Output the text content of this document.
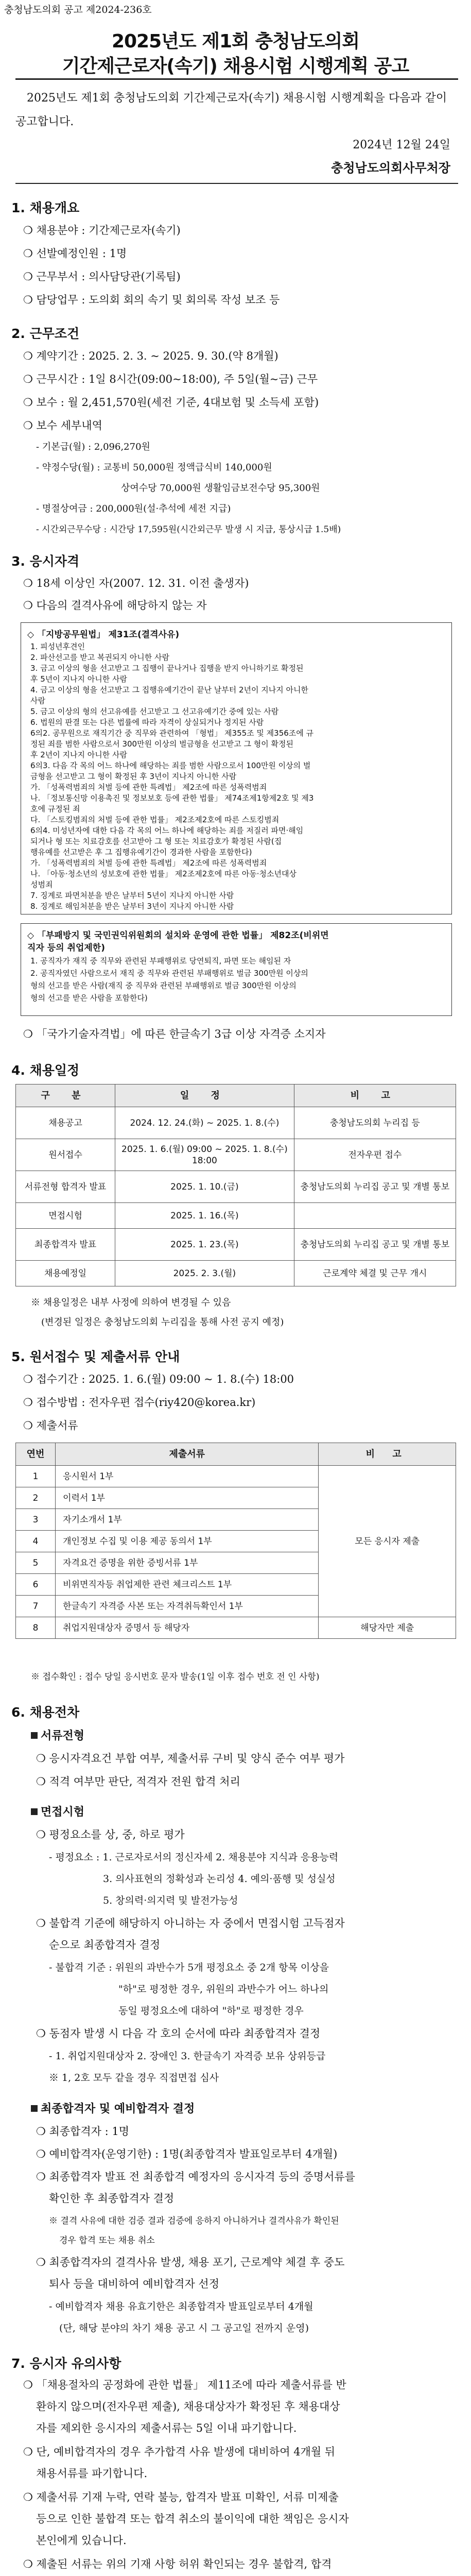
충청남도의회 공고 제2024-236호
2025년도 제1회 충청남도의회
기간제근로자(속기) 채용시험 시행계획 공고
2025년도 제1회 충청남도의회 기간제근로자(속기) 채용시험 시행계획을 다음과 같이 공고합니다.
2024년 12월 24일
충청남도의회사무처장
1. 채용개요
❍ 채용분야 : 기간제근로자(속기)
❍ 선발예정인원 : 1명
❍ 근무부서 : 의사담당관(기록팀)
❍ 담당업무 : 도의회 회의 속기 및 회의록 작성 보조 등
2. 근무조건
❍ 계약기간 : 2025. 2. 3. ~ 2025. 9. 30.(약 8개월)
❍ 근무시간 : 1일 8시간(09:00~18:00), 주 5일(월~금) 근무
❍ 보수 : 월 2,451,570원(세전 기준, 4대보험 및 소득세 포함)
❍ 보수 세부내역
- 기본급(월) : 2,096,270원
- 약정수당(월) : 교통비 50,000원 정액급식비 140,000원
상여수당 70,000원 생활임금보전수당 95,300원
- 명절상여금 : 200,000원(설·추석에 세전 지급)
- 시간외근무수당 : 시간당 17,595원(시간외근무 발생 시 지급, 통상시급 1.5배)
3. 응시자격
❍ 18세 이상인 자(2007. 12. 31. 이전 출생자)
❍ 다음의 결격사유에 해당하지 않는 자
◇ 「지방공무원법」 제31조(결격사유)
1. 피성년후견인
2. 파산선고를 받고 복권되지 아니한 사람
3. 금고 이상의 형을 선고받고 그 집행이 끝나거나 집행을 받지 아니하기로 확정된
후 5년이 지나지 아니한 사람
4. 금고 이상의 형을 선고받고 그 집행유예기간이 끝난 날부터 2년이 지나지 아니한
사람
5. 금고 이상의 형의 선고유예를 선고받고 그 선고유예기간 중에 있는 사람
6. 법원의 판결 또는 다른 법률에 따라 자격이 상실되거나 정지된 사람
6의2. 공무원으로 재직기간 중 직무와 관련하여 「형법」 제355조 및 제356조에 규
정된 죄를 범한 사람으로서 300만원 이상의 벌금형을 선고받고 그 형이 확정된
후 2년이 지나지 아니한 사람
6의3. 다음 각 목의 어느 하나에 해당하는 죄를 범한 사람으로서 100만원 이상의 벌
금형을 선고받고 그 형이 확정된 후 3년이 지나지 아니한 사람
가. 「성폭력범죄의 처벌 등에 관한 특례법」 제2조에 따른 성폭력범죄
나. 「정보통신망 이용촉진 및 정보보호 등에 관한 법률」 제74조제1항제2호 및 제3
호에 규정된 죄
다. 「스토킹범죄의 처벌 등에 관한 법률」 제2조제2호에 따른 스토킹범죄
6의4. 미성년자에 대한 다음 각 목의 어느 하나에 해당하는 죄를 저질러 파면·해임
되거나 형 또는 치료감호를 선고받아 그 형 또는 치료감호가 확정된 사람(집
행유예를 선고받은 후 그 집행유예기간이 경과한 사람을 포함한다)
가. 「성폭력범죄의 처벌 등에 관한 특례법」 제2조에 따른 성폭력범죄
나. 「아동·청소년의 성보호에 관한 법률」 제2조제2호에 따른 아동·청소년대상
성범죄
7. 징계로 파면처분을 받은 날부터 5년이 지나지 아니한 사람
8. 징계로 해임처분을 받은 날부터 3년이 지나지 아니한 사람
◇ 「부패방지 및 국민권익위원회의 설치와 운영에 관한 법률」 제82조(비위면
직자 등의 취업제한)
1. 공직자가 재직 중 직무와 관련된 부패행위로 당연퇴직, 파면 또는 해임된 자
2. 공직자였던 사람으로서 재직 중 직무와 관련된 부패행위로 벌금 300만원 이상의
형의 선고를 받은 사람(재직 중 직무와 관련된 부패행위로 벌금 300만원 이상의
형의 선고를 받은 사람을 포함한다)
❍ 「국가기술자격법」에 따른 한글속기 3급 이상 자격증 소지자
4. 채용일정
구 분	일 정	비 고
채용공고	2024. 12. 24.(화) ~ 2025. 1. 8.(수)	충청남도의회 누리집 등
원서접수	2025. 1. 6.(월) 09:00 ~ 2025. 1. 8.(수) 18:00	전자우편 접수
서류전형 합격자 발표	2025. 1. 10.(금)	충청남도의회 누리집 공고 및 개별 통보
면접시험	2025. 1. 16.(목)	
최종합격자 발표	2025. 1. 23.(목)	충청남도의회 누리집 공고 및 개별 통보
채용예정일	2025. 2. 3.(월)	근로계약 체결 및 근무 개시
※ 채용일정은 내부 사정에 의하여 변경될 수 있음
(변경된 일정은 충청남도의회 누리집을 통해 사전 공지 예정)
5. 원서접수 및 제출서류 안내
❍ 접수기간 : 2025. 1. 6.(월) 09:00 ~ 1. 8.(수) 18:00
❍ 접수방법 : 전자우편 접수(riy420@korea.kr)
❍ 제출서류
연번	제출서류	비 고
1	응시원서 1부	모든 응시자 제출
2	이력서 1부	
3	자기소개서 1부	
4	개인정보 수집 및 이용 제공 동의서 1부	
5	자격요건 증명을 위한 증빙서류 1부	
6	비위면직자등 취업제한 관련 체크리스트 1부	
7	한글속기 자격증 사본 또는 자격취득확인서 1부	
8	취업지원대상자 증명서 등 해당자	해당자만 제출
※ 접수확인 : 접수 당일 응시번호 문자 발송(1일 이후 접수 번호 전 인 사항)
6. 채용전차
서류전형
❍ 응시자격요건 부합 여부, 제출서류 구비 및 양식 준수 여부 평가
❍ 적격 여부만 판단, 적격자 전원 합격 처리
면접시험
❍ 평정요소를 상, 중, 하로 평가
- 평정요소 : 1. 근로자로서의 정신자세 2. 채용분야 지식과 응용능력
3. 의사표현의 정확성과 논리성 4. 예의·품행 및 성실성
5. 창의력·의지력 및 발전가능성
❍ 불합격 기준에 해당하지 아니하는 자 중에서 면접시험 고득점자
순으로 최종합격자 결정
- 불합격 기준 : 위원의 과반수가 5개 평정요소 중 2개 항목 이상을
"하"로 평정한 경우, 위원의 과반수가 어느 하나의
동일 평정요소에 대하여 "하"로 평정한 경우
❍ 동점자 발생 시 다음 각 호의 순서에 따라 최종합격자 결정
- 1. 취업지원대상자 2. 장애인 3. 한글속기 자격증 보유 상위등급
※ 1, 2호 모두 같을 경우 직접면접 심사
최종합격자 및 예비합격자 결정
❍ 최종합격자 : 1명
❍ 예비합격자(운영기한) : 1명(최종합격자 발표일로부터 4개월)
❍ 최종합격자 발표 전 최종합격 예정자의 응시자격 등의 증명서류를
확인한 후 최종합격자 결정
※ 결격 사유에 대한 검증 결과 검증에 응하지 아니하거나 결격사유가 확인된
경우 합격 또는 채용 취소
❍ 최종합격자의 결격사유 발생, 채용 포기, 근로계약 체결 후 중도
퇴사 등을 대비하여 예비합격자 선정
- 예비합격자 채용 유효기한은 최종합격자 발표일로부터 4개월
(단, 해당 분야의 차기 채용 공고 시 그 공고일 전까지 운영)
7. 응시자 유의사항
❍ 「채용절차의 공정화에 관한 법률」 제11조에 따라 제출서류를 반
환하지 않으며(전자우편 제출), 채용대상자가 확정된 후 채용대상
자를 제외한 응시자의 제출서류는 5일 이내 파기합니다.
❍ 단, 예비합격자의 경우 추가합격 사유 발생에 대비하여 4개월 뒤
채용서류를 파기합니다.
❍ 제출서류 기재 누락, 연락 불능, 합격자 발표 미확인, 서류 미제출
등으로 인한 불합격 또는 합격 취소의 불이익에 대한 책임은 응시자
본인에게 있습니다.
❍ 제출된 서류는 위의 기재 사항 허위 확인되는 경우 불합격, 합격
